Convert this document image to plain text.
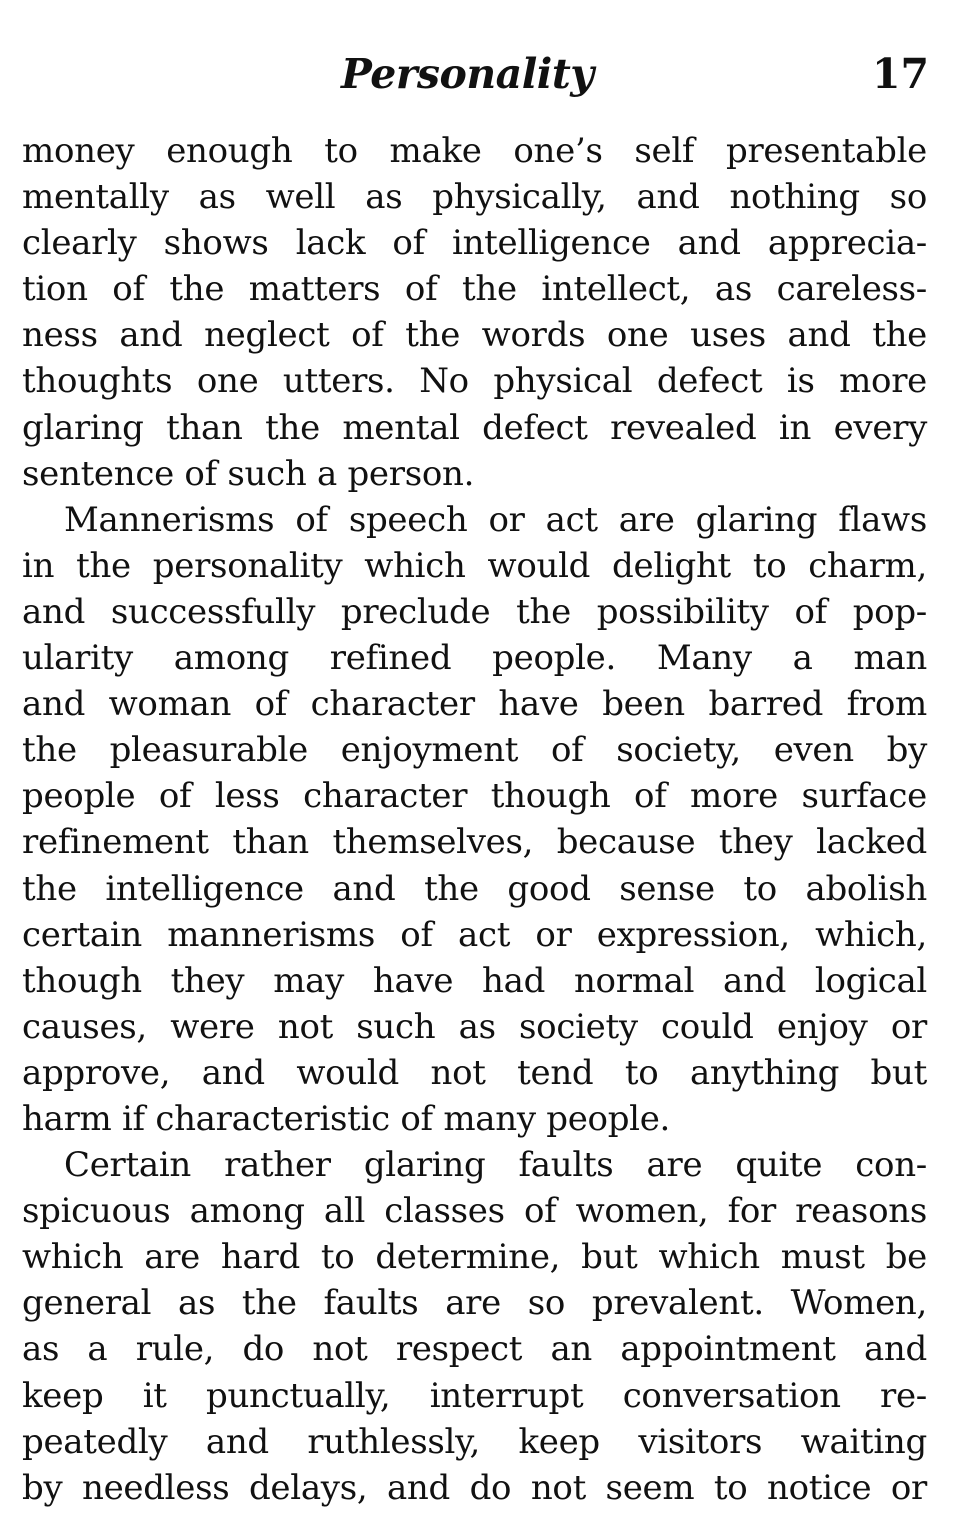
Personality	17
money enough to make one’s self presentable
mentally as well as physically, and nothing so
clearly shows lack of intelligence and apprecia-
tion of the matters of the intellect, as careless-
ness and neglect of the words one uses and the
thoughts one utters. No physical defect is more
glaring than the mental defect revealed in every
sentence of such a person.
Mannerisms of speech or act are glaring flaws
in the personality which would delight to charm,
and successfully preclude the possibility of pop-
ularity among refined people. Many a man
and woman of character have been barred from
the pleasurable enjoyment of society, even by
people of less character though of more surface
refinement than themselves, because they lacked
the intelligence and the good sense to abolish
certain mannerisms of act or expression, which,
though they may have had normal and logical
causes, were not such as society could enjoy or
approve, and would not tend to anything but
harm if characteristic of many people.
Certain rather glaring faults are quite con-
spicuous among all classes of women, for reasons
which are hard to determine, but which must be
general as the faults are so prevalent. Women,
as a rule, do not respect an appointment and
keep it punctually, interrupt conversation re-
peatedly and ruthlessly, keep visitors waiting
by needless delays, and do not seem to notice or
